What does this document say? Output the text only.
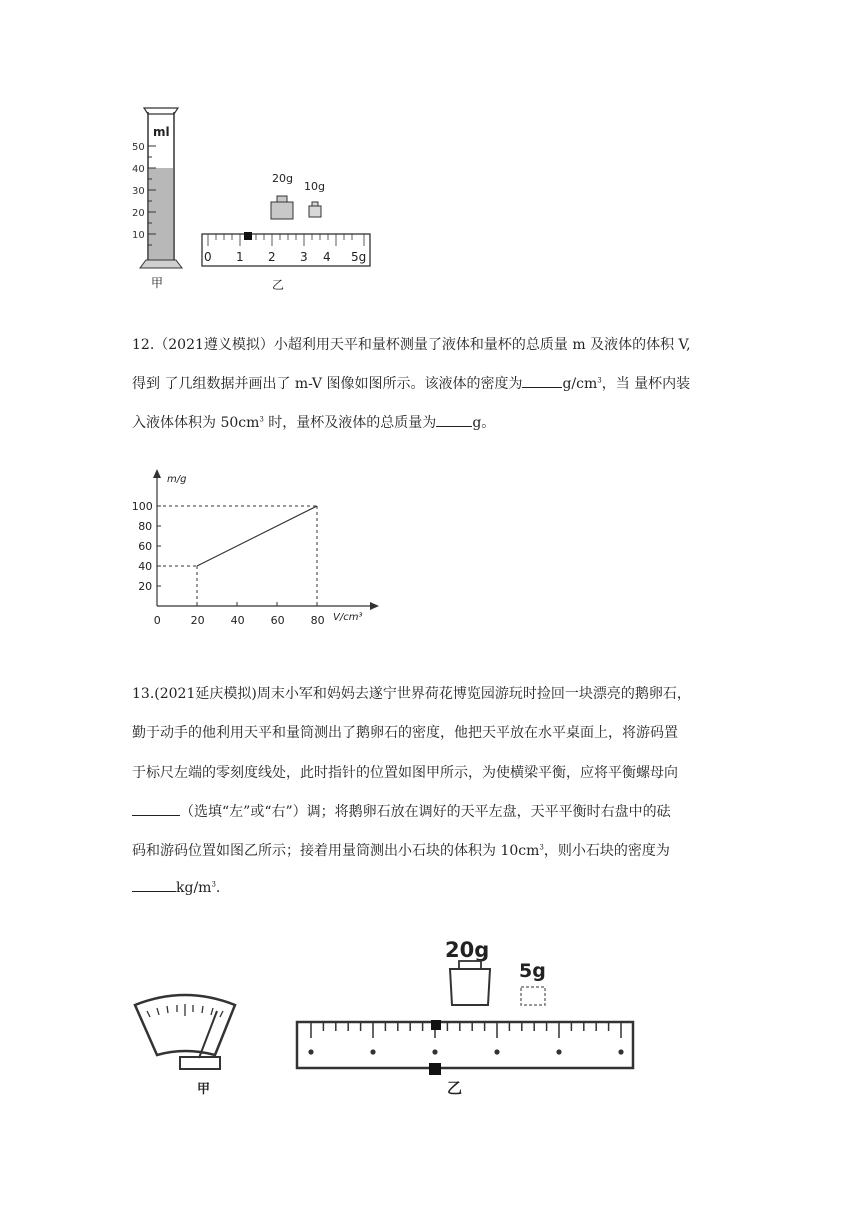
ml
50
40
30
20
10
甲
20g
10g
0 1 2 3 4 5g
乙
12.（2021遵义模拟）小超利用天平和量杯测量了液体和量杯的总质量 m 及液体的体积 V,
得到 了几组数据并画出了 m-V 图像如图所示。该液体的密度为	$g/cm^3$，当 量杯内装
入液体体积为 $50cm^3$ 时，量杯及液体的总质量为	g。
m/g
V/cm³
0	20 40 60 80
20
40
60
80
100
13.(2021延庆模拟)周末小军和妈妈去遂宁世界荷花博览园游玩时捡回一块漂亮的鹅卵石，
勤于动手的他利用天平和量筒测出了鹅卵石的密度，他把天平放在水平桌面上，将游码置
于标尺左端的零刻度线处，此时指针的位置如图甲所示，为使横梁平衡，应将平衡螺母向
（选填“左”或“右”）调；将鹅卵石放在调好的天平左盘，天平平衡时右盘中的砝
码和游码位置如图乙所示；接着用量筒测出小石块的体积为 $10cm^3$，则小石块的密度为
$kg/m^3$.
甲
20g
5g
乙
